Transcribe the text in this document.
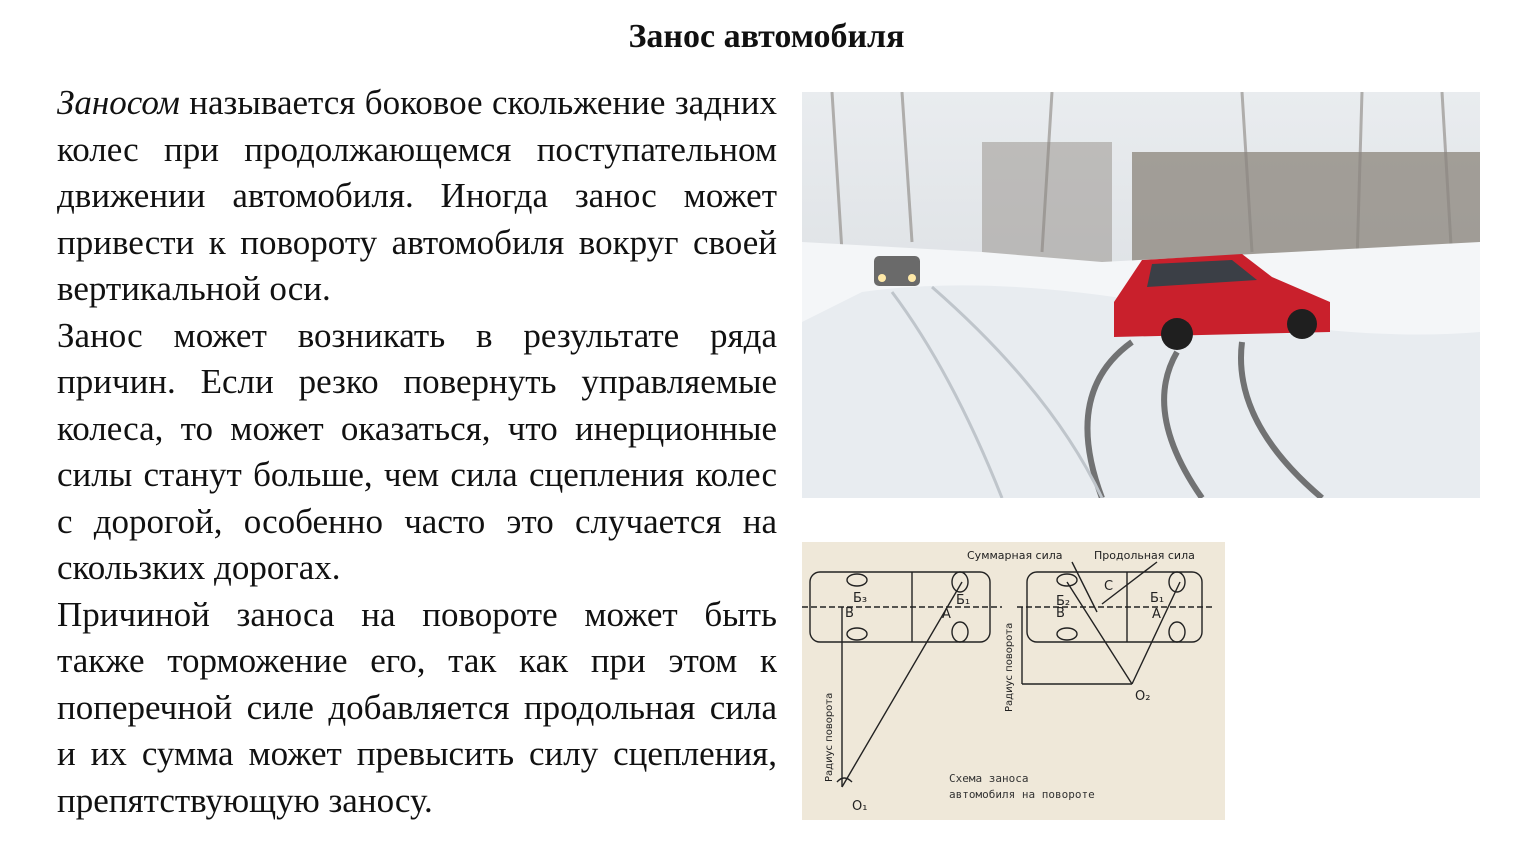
Занос автомобиля

Заносом называется боковое скольжение задних колес при продолжающемся поступательном движении автомобиля. Иногда занос может привести к повороту автомобиля вокруг своей вертикальной оси.

Занос может возникать в результате ряда причин. Если резко повернуть управляемые колеса, то может оказаться, что инерционные силы станут больше, чем сила сцепления колес с дорогой, особенно часто это случается на скользких дорогах.

Причиной заноса на повороте может быть также торможение его, так как при этом к поперечной силе добавляется продольная сила и их сумма может превысить силу сцепления, препятствующую заносу.

Суммарная сила	Продольная сила
В
Б₃
А
Б₁
В
Б₂
А
Б₁
С
О₁
О₂
Радиус поворота
Радиус поворота
Схема заноса
автомобиля на повороте
